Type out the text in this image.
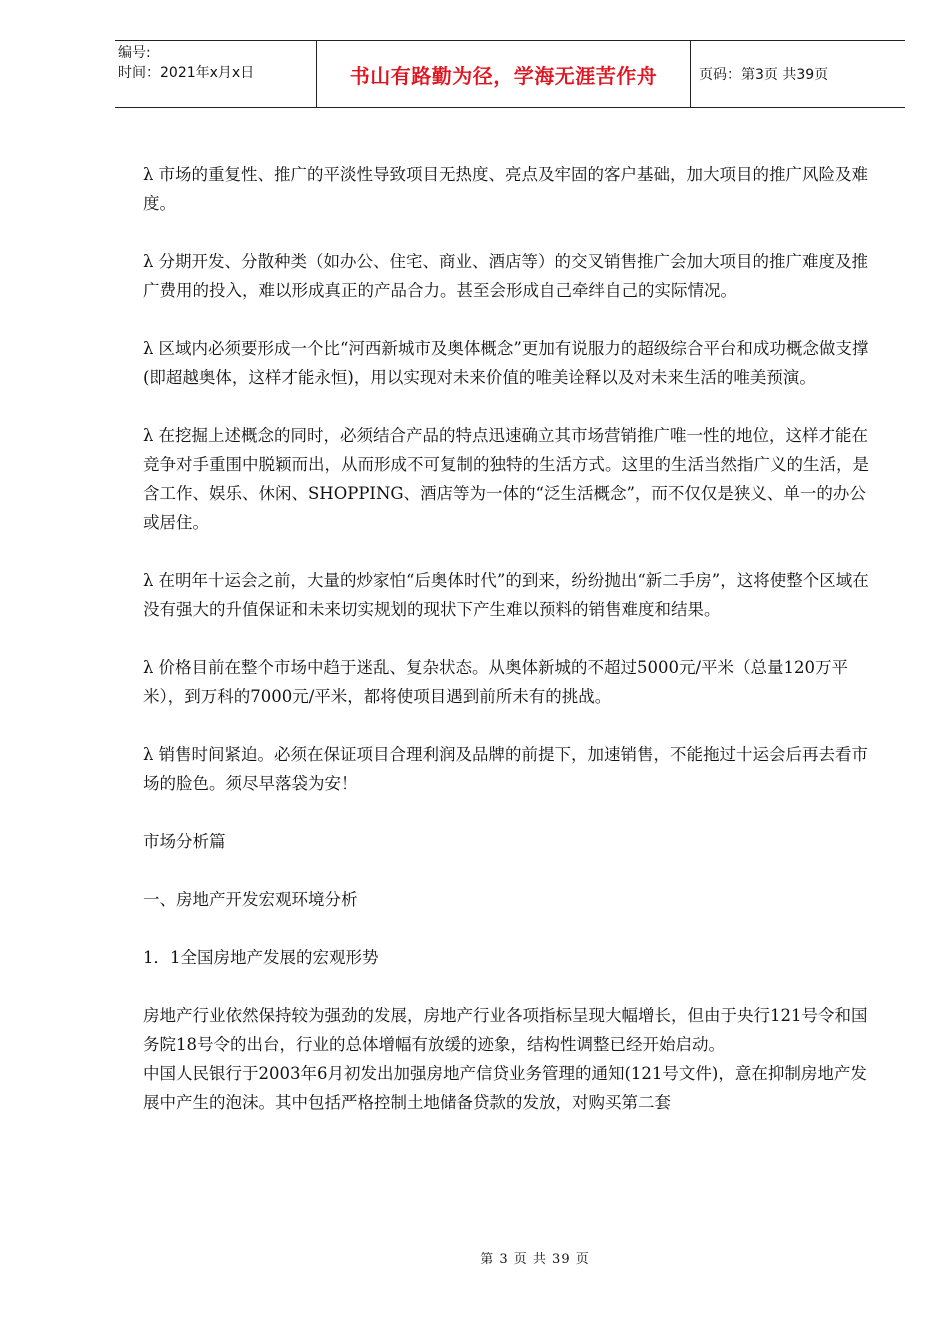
编号:
时间：2021年x月x日	书山有路勤为径，学海无涯苦作舟	页码：第3页 共39页

λ 市场的重复性、推广的平淡性导致项目无热度、亮点及牢固的客户基础，加大项目的推广风险及难度。

λ 分期开发、分散种类（如办公、住宅、商业、酒店等）的交叉销售推广会加大项目的推广难度及推广费用的投入，难以形成真正的产品合力。甚至会形成自己牵绊自己的实际情况。

λ 区域内必须要形成一个比“河西新城市及奥体概念”更加有说服力的超级综合平台和成功概念做支撑(即超越奥体，这样才能永恒)，用以实现对未来价值的唯美诠释以及对未来生活的唯美预演。

λ 在挖掘上述概念的同时，必须结合产品的特点迅速确立其市场营销推广唯一性的地位，这样才能在竞争对手重围中脱颖而出，从而形成不可复制的独特的生活方式。这里的生活当然指广义的生活，是含工作、娱乐、休闲、SHOPPING、酒店等为一体的“泛生活概念”，而不仅仅是狭义、单一的办公或居住。

λ 在明年十运会之前，大量的炒家怕“后奥体时代”的到来，纷纷抛出“新二手房”，这将使整个区域在没有强大的升值保证和未来切实规划的现状下产生难以预料的销售难度和结果。

λ 价格目前在整个市场中趋于迷乱、复杂状态。从奥体新城的不超过5000元/平米（总量120万平米），到万科的7000元/平米，都将使项目遇到前所未有的挑战。

λ 销售时间紧迫。必须在保证项目合理利润及品牌的前提下，加速销售，不能拖过十运会后再去看市场的脸色。须尽早落袋为安！

市场分析篇

一、房地产开发宏观环境分析

1．1全国房地产发展的宏观形势

房地产行业依然保持较为强劲的发展，房地产行业各项指标呈现大幅增长，但由于央行121号令和国务院18号令的出台，行业的总体增幅有放缓的迹象，结构性调整已经开始启动。

中国人民银行于2003年6月初发出加强房地产信贷业务管理的通知(121号文件)，意在抑制房地产发展中产生的泡沫。其中包括严格控制土地储备贷款的发放，对购买第二套

第 3 页 共 39 页
